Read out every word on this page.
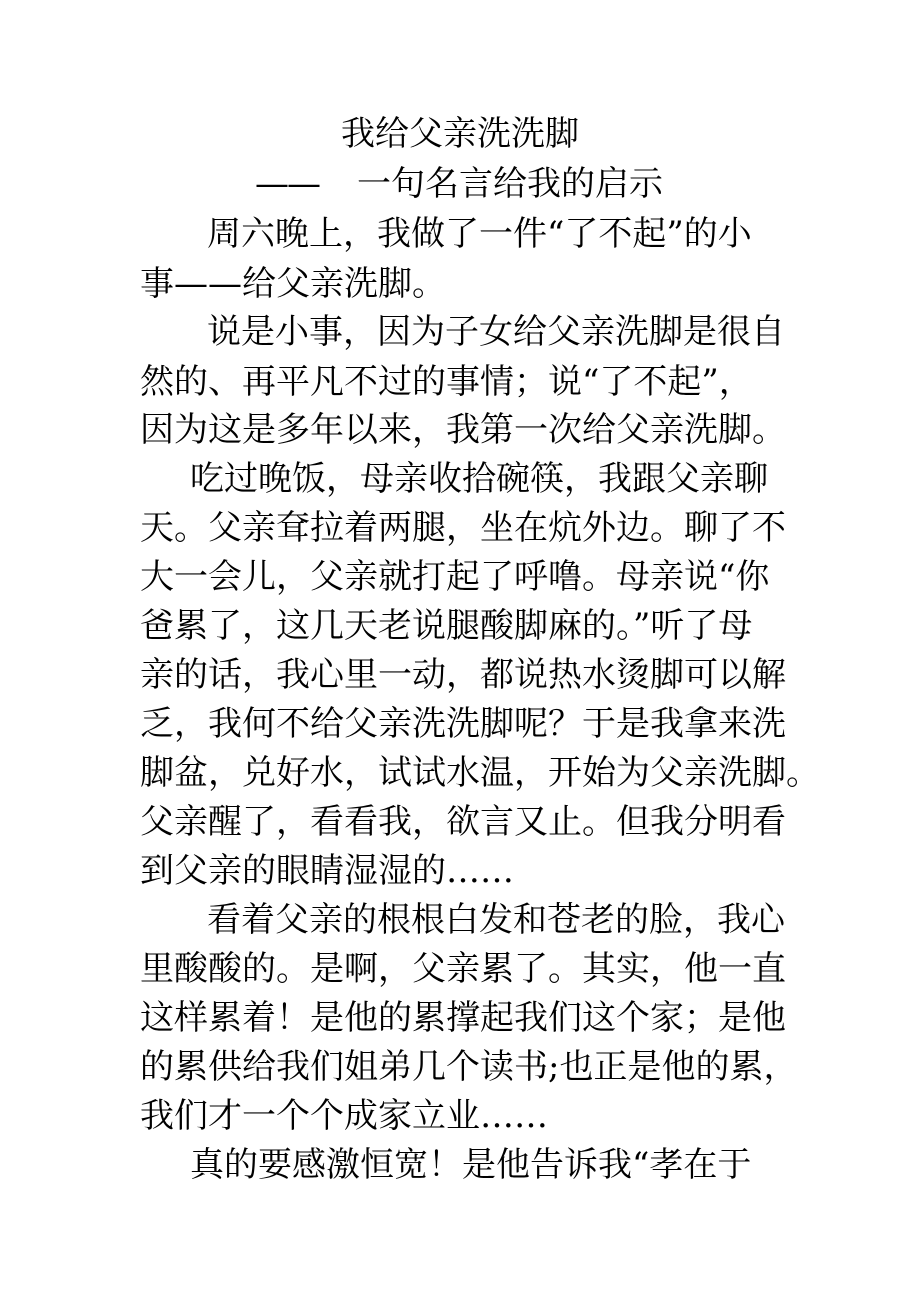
我给父亲洗洗脚
—— 一句名言给我的启示
周六晚上，我做了一件“了不起”的小
事——给父亲洗脚。
说是小事，因为子女给父亲洗脚是很自
然的、再平凡不过的事情；说“了不起”，
因为这是多年以来，我第一次给父亲洗脚。
吃过晚饭，母亲收拾碗筷，我跟父亲聊
天。父亲耷拉着两腿，坐在炕外边。聊了不
大一会儿，父亲就打起了呼噜。母亲说“你
爸累了，这几天老说腿酸脚麻的。”听了母
亲的话，我心里一动，都说热水烫脚可以解
乏，我何不给父亲洗洗脚呢？于是我拿来洗
脚盆，兑好水，试试水温，开始为父亲洗脚。
父亲醒了，看看我，欲言又止。但我分明看
到父亲的眼睛湿湿的……
看着父亲的根根白发和苍老的脸，我心
里酸酸的。是啊，父亲累了。其实，他一直
这样累着！是他的累撑起我们这个家；是他
的累供给我们姐弟几个读书;也正是他的累，
我们才一个个成家立业……
真的要感激恒宽！是他告诉我“孝在于
